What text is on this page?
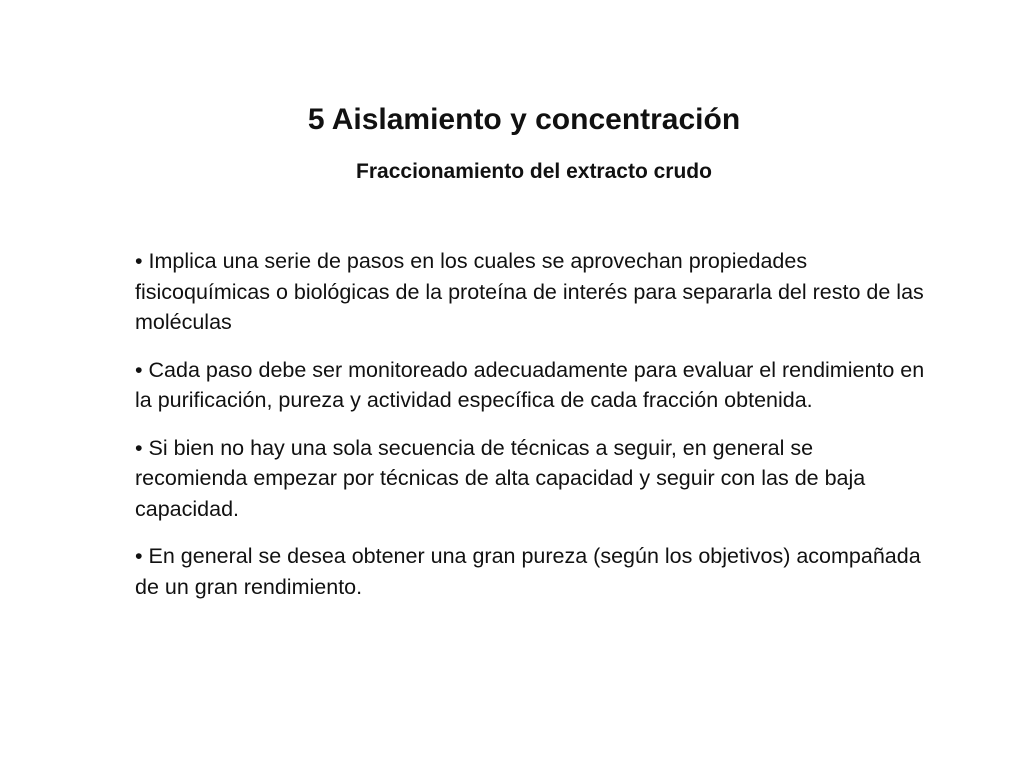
5 Aislamiento y concentración
Fraccionamiento del extracto crudo
• Implica una serie de pasos en los cuales se aprovechan propiedades fisicoquímicas o biológicas de la proteína de interés para separarla del resto de las moléculas
• Cada paso debe ser monitoreado adecuadamente para evaluar el rendimiento en la purificación, pureza y actividad específica de cada fracción obtenida.
• Si bien no hay una sola secuencia de técnicas a seguir, en general se recomienda empezar por técnicas de alta capacidad y seguir con las de baja capacidad.
• En general se desea obtener una gran pureza (según los objetivos) acompañada de un gran rendimiento.
